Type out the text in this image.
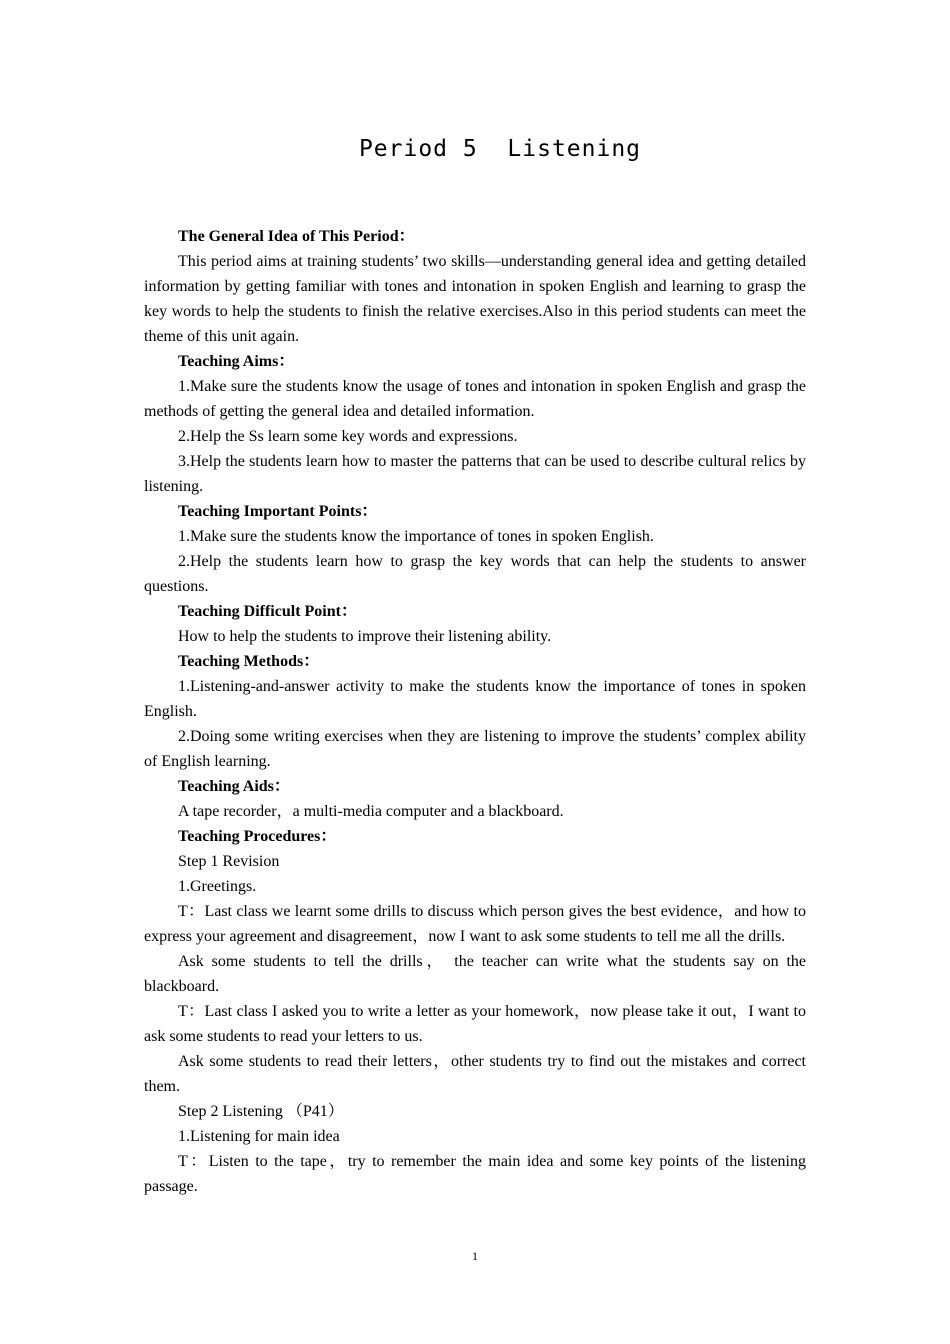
Period 5  Listening

The General Idea of This Period：

This period aims at training students’ two skills—understanding general idea and getting detailed information by getting familiar with tones and intonation in spoken English and learning to grasp the key words to help the students to finish the relative exercises.Also in this period students can meet the theme of this unit again.

Teaching Aims：

1.Make sure the students know the usage of tones and intonation in spoken English and grasp the methods of getting the general idea and detailed information.

2.Help the Ss learn some key words and expressions.

3.Help the students learn how to master the patterns that can be used to describe cultural relics by listening.

Teaching Important Points：

1.Make sure the students know the importance of tones in spoken English.

2.Help the students learn how to grasp the key words that can help the students to answer questions.

Teaching Difficult Point：

How to help the students to improve their listening ability.

Teaching Methods：

1.Listening-and-answer activity to make the students know the importance of tones in spoken English.

2.Doing some writing exercises when they are listening to improve the students’ complex ability of English learning.

Teaching Aids：

A tape recorder，a multi-media computer and a blackboard.

Teaching Procedures：

Step 1 Revision

1.Greetings.

T：Last class we learnt some drills to discuss which person gives the best evidence，and how to express your agreement and disagreement，now I want to ask some students to tell me all the drills.

Ask some students to tell the drills， the teacher can write what the students say on the blackboard.

T：Last class I asked you to write a letter as your homework，now please take it out，I want to ask some students to read your letters to us.

Ask some students to read their letters，other students try to find out the mistakes and correct them.

Step 2 Listening （P41）

1.Listening for main idea

T：Listen to the tape，try to remember the main idea and some key points of the listening passage.

1
